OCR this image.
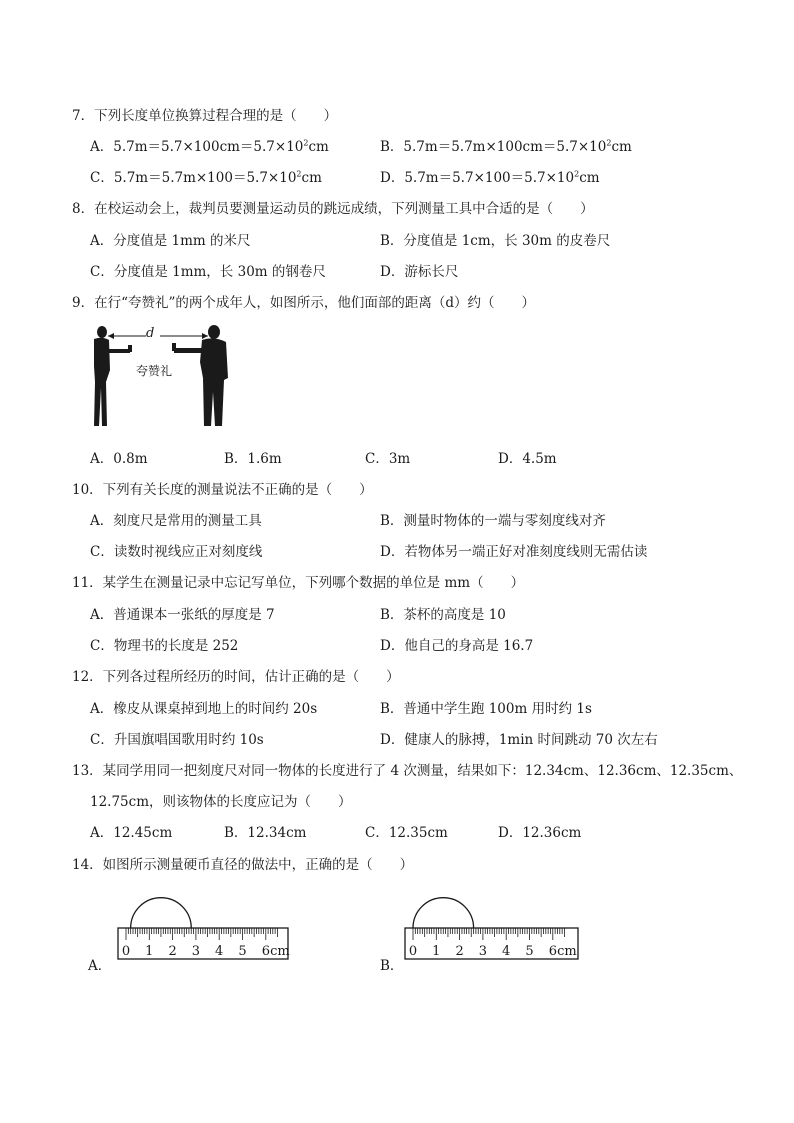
7．下列长度单位换算过程合理的是（　　）
A．$5.7m=5.7\times 100cm=5.7\times 10^2cm$	B．$5.7m=5.7m\times 100cm=5.7\times 10^2cm$
C．$5.7m=5.7m\times 100=5.7\times 10^2cm$	D．$5.7m=5.7\times 100=5.7\times 10^2cm$
8．在校运动会上，裁判员要测量运动员的跳远成绩，下列测量工具中合适的是（　　）
A．分度值是 1mm 的米尺	B．分度值是 1cm，长 30m 的皮卷尺
C．分度值是 1mm，长 30m 的钢卷尺	D．游标长尺
9．在行“夸赞礼”的两个成年人，如图所示，他们面部的距离（d）约（　　）
d
夸赞礼
A．0.8m	B．1.6m	C．3m	D．4.5m
10．下列有关长度的测量说法不正确的是（　　）
A．刻度尺是常用的测量工具	B．测量时物体的一端与零刻度线对齐
C．读数时视线应正对刻度线	D．若物体另一端正好对准刻度线则无需估读
11．某学生在测量记录中忘记写单位，下列哪个数据的单位是 mm（　　）
A．普通课本一张纸的厚度是 7	B．茶杯的高度是 10
C．物理书的长度是 252	D．他自己的身高是 16.7
12．下列各过程所经历的时间，估计正确的是（　　）
A．橡皮从课桌掉到地上的时间约 20s	B．普通中学生跑 100m 用时约 1s
C．升国旗唱国歌用时约 10s	D．健康人的脉搏，1min 时间跳动 70 次左右
13．某同学用同一把刻度尺对同一物体的长度进行了 4 次测量，结果如下：12.34cm、12.36cm、12.35cm、
12.75cm，则该物体的长度应记为（　　）
A．12.45cm	B．12.34cm	C．12.35cm	D．12.36cm
14．如图所示测量硬币直径的做法中，正确的是（　　）
A．
0 1 2 3 4 5 6cm
B．
0 1 2 3 4 5 6cm
